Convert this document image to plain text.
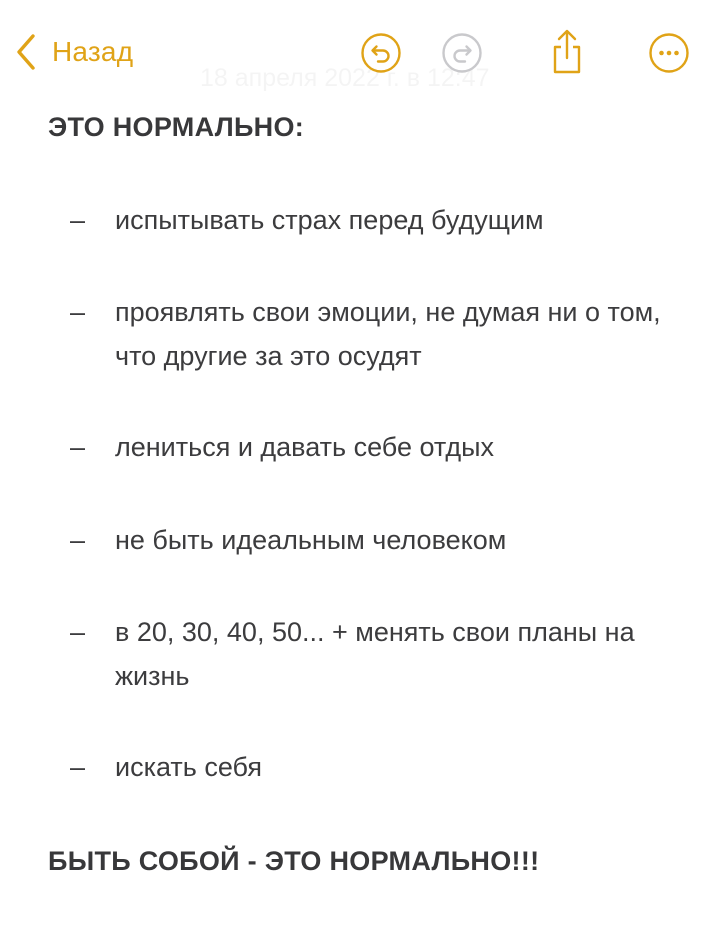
Назад
ЭТО НОРМАЛЬНО:
– испытывать страх перед будущим
– проявлять свои эмоции, не думая ни о том, что другие за это осудят
– лениться и давать себе отдых
– не быть идеальным человеком
– в 20, 30, 40, 50... + менять свои планы на жизнь
– искать себя
БЫТЬ СОБОЙ - ЭТО НОРМАЛЬНО!!!
